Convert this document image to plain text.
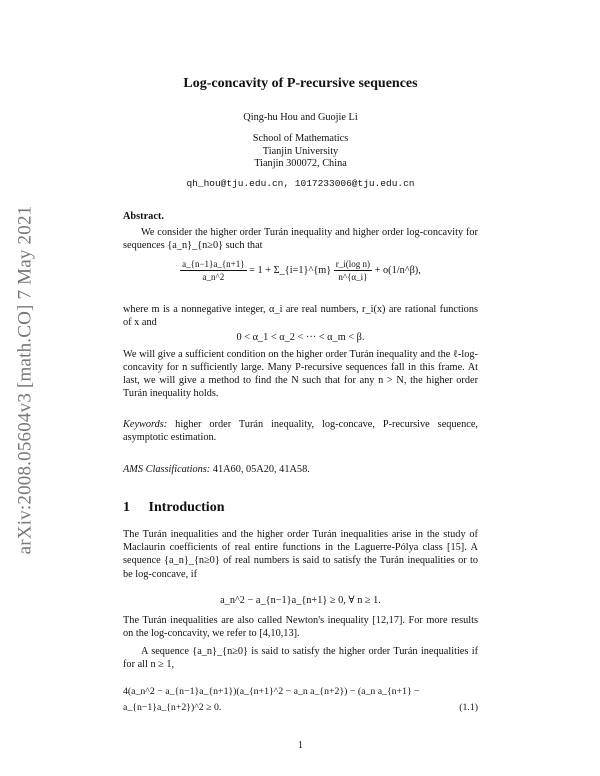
arXiv:2008.05604v3 [math.CO] 7 May 2021
Log-concavity of P-recursive sequences
Qing-hu Hou and Guojie Li
School of Mathematics
Tianjin University
Tianjin 300072, China
qh_hou@tju.edu.cn, 1017233006@tju.edu.cn
Abstract.
We consider the higher order Turán inequality and higher order log-concavity for sequences {a_n}_{n≥0} such that
$\frac{a\_\{n-1\}a\_\{n+1\}}{a\_n\^{}2} = 1$ + Σ_{i=1}^{m} $\frac{\text{r\_i(log n)}}{n\^{}\{\alpha\_i\}}$ + o(1/n^β),
where m is a nonnegative integer, α_i are real numbers, r_i(x) are rational functions of x and
0 < α_1 < α_2 < ··· < α_m < β.
We will give a sufficient condition on the higher order Turán inequality and the ℓ-log-concavity for n sufficiently large. Many P-recursive sequences fall in this frame. At last, we will give a method to find the N such that for any n > N, the higher order Turán inequality holds.
Keywords: higher order Turán inequality, log-concave, P-recursive sequence, asymptotic estimation.
AMS Classifications: 41A60, 05A20, 41A58.
1 Introduction
The Turán inequalities and the higher order Turán inequalities arise in the study of Maclaurin coefficients of real entire functions in the Laguerre-Pólya class [15]. A sequence {a_n}_{n≥0} of real numbers is said to satisfy the Turán inequalities or to be log-concave, if
a_n^2 − a_{n−1}a_{n+1} ≥ 0, ∀ n ≥ 1.
The Turán inequalities are also called Newton's inequality [12,17]. For more results on the log-concavity, we refer to [4,10,13].
A sequence {a_n}_{n≥0} is said to satisfy the higher order Turán inequalities if for all n ≥ 1,
4(a_n^2 − a_{n−1}a_{n+1})(a_{n+1}^2 − a_n a_{n+2}) − (a_n a_{n+1} − a_{n−1}a_{n+2})^2 ≥ 0.	(1.1)
1
